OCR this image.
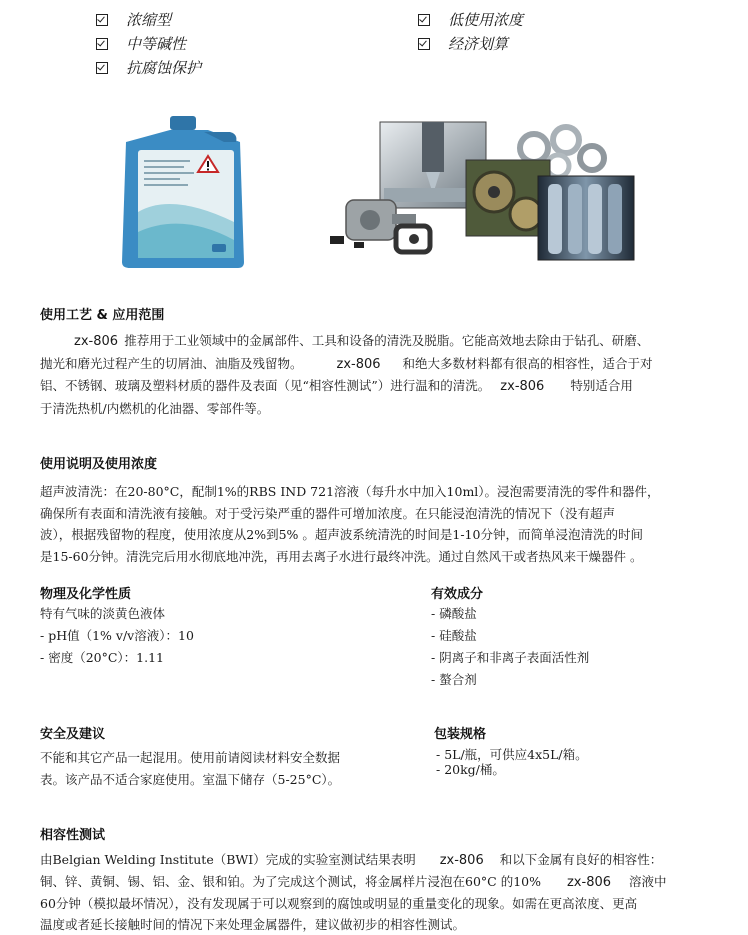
浓缩型
中等碱性
抗腐蚀保护
低使用浓度
经济划算
使用工艺 & 应用范围
zx-806  推荐用于工业领域中的金属部件、工具和设备的清洗及脱脂。它能高效地去除由于钻孔、研磨、
抛光和磨光过程产生的切屑油、油脂及残留物。	zx-806 和绝大多数材料都有很高的相容性，适合于对
铝、不锈钢、玻璃及塑料材质的器件及表面（见“相容性测试”）进行温和的清洗。 zx-806 特别适合用
于清洗热机/内燃机的化油器、零部件等。
使用说明及使用浓度
超声波清洗：在20-80°C，配制1%的RBS IND 721溶液（每升水中加入10ml）。浸泡需要清洗的零件和器件，
确保所有表面和清洗液有接触。对于受污染严重的器件可增加浓度。在只能浸泡清洗的情况下（没有超声
波），根据残留物的程度，使用浓度从2%到5% 。超声波系统清洗的时间是1-10分钟，而简单浸泡清洗的时间
是15-60分钟。清洗完后用水彻底地冲洗，再用去离子水进行最终冲洗。通过自然风干或者热风来干燥器件 。
物理及化学性质
特有气味的淡黄色液体
- pH值（1% v/v溶液）：10
- 密度（20°C）：1.11
有效成分
- 磷酸盐
- 硅酸盐
- 阴离子和非离子表面活性剂
- 螯合剂
安全及建议
不能和其它产品一起混用。使用前请阅读材料安全数据
表。该产品不适合家庭使用。室温下储存（5-25°C）。
包装规格
- 5L/瓶，可供应4x5L/箱。
- 20kg/桶。
相容性测试
由Belgian Welding Institute（BWI）完成的实验室测试结果表明 zx-806 和以下金属有良好的相容性：
铜、锌、黄铜、锡、铝、金、银和铂。为了完成这个测试，将金属样片浸泡在60°C 的10% zx-806 溶液中
60分钟（模拟最坏情况），没有发现属于可以观察到的腐蚀或明显的重量变化的现象。如需在更高浓度、更高
温度或者延长接触时间的情况下来处理金属器件，建议做初步的相容性测试。
